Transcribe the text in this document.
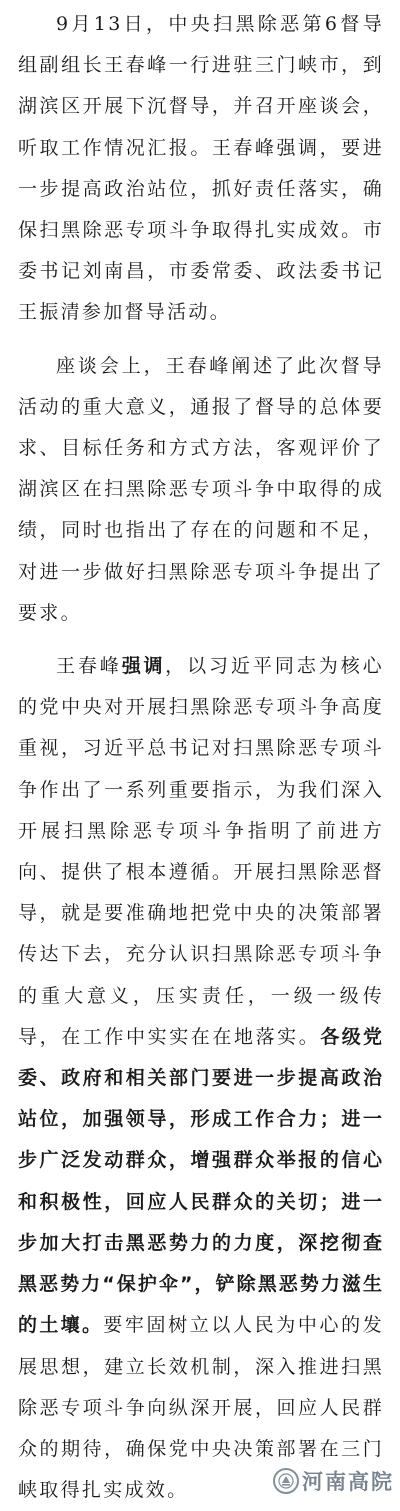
9月13日，中央扫黑除恶第6督导组副组长王春峰一行进驻三门峡市，到湖滨区开展下沉督导，并召开座谈会，听取工作情况汇报。王春峰强调，要进一步提高政治站位，抓好责任落实，确保扫黑除恶专项斗争取得扎实成效。市委书记刘南昌，市委常委、政法委书记王振清参加督导活动。

座谈会上，王春峰阐述了此次督导活动的重大意义，通报了督导的总体要求、目标任务和方式方法，客观评价了湖滨区在扫黑除恶专项斗争中取得的成绩，同时也指出了存在的问题和不足，对进一步做好扫黑除恶专项斗争提出了要求。

王春峰强调，以习近平同志为核心的党中央对开展扫黑除恶专项斗争高度重视，习近平总书记对扫黑除恶专项斗争作出了一系列重要指示，为我们深入开展扫黑除恶专项斗争指明了前进方向、提供了根本遵循。开展扫黑除恶督导，就是要准确地把党中央的决策部署传达下去，充分认识扫黑除恶专项斗争的重大意义，压实责任，一级一级传导，在工作中实实在在地落实。各级党委、政府和相关部门要进一步提高政治站位，加强领导，形成工作合力；进一步广泛发动群众，增强群众举报的信心和积极性，回应人民群众的关切；进一步加大打击黑恶势力的力度，深挖彻查黑恶势力“保护伞”，铲除黑恶势力滋生的土壤。要牢固树立以人民为中心的发展思想，建立长效机制，深入推进扫黑除恶专项斗争向纵深开展，回应人民群众的期待，确保党中央决策部署在三门峡取得扎实成效。	河南高院
